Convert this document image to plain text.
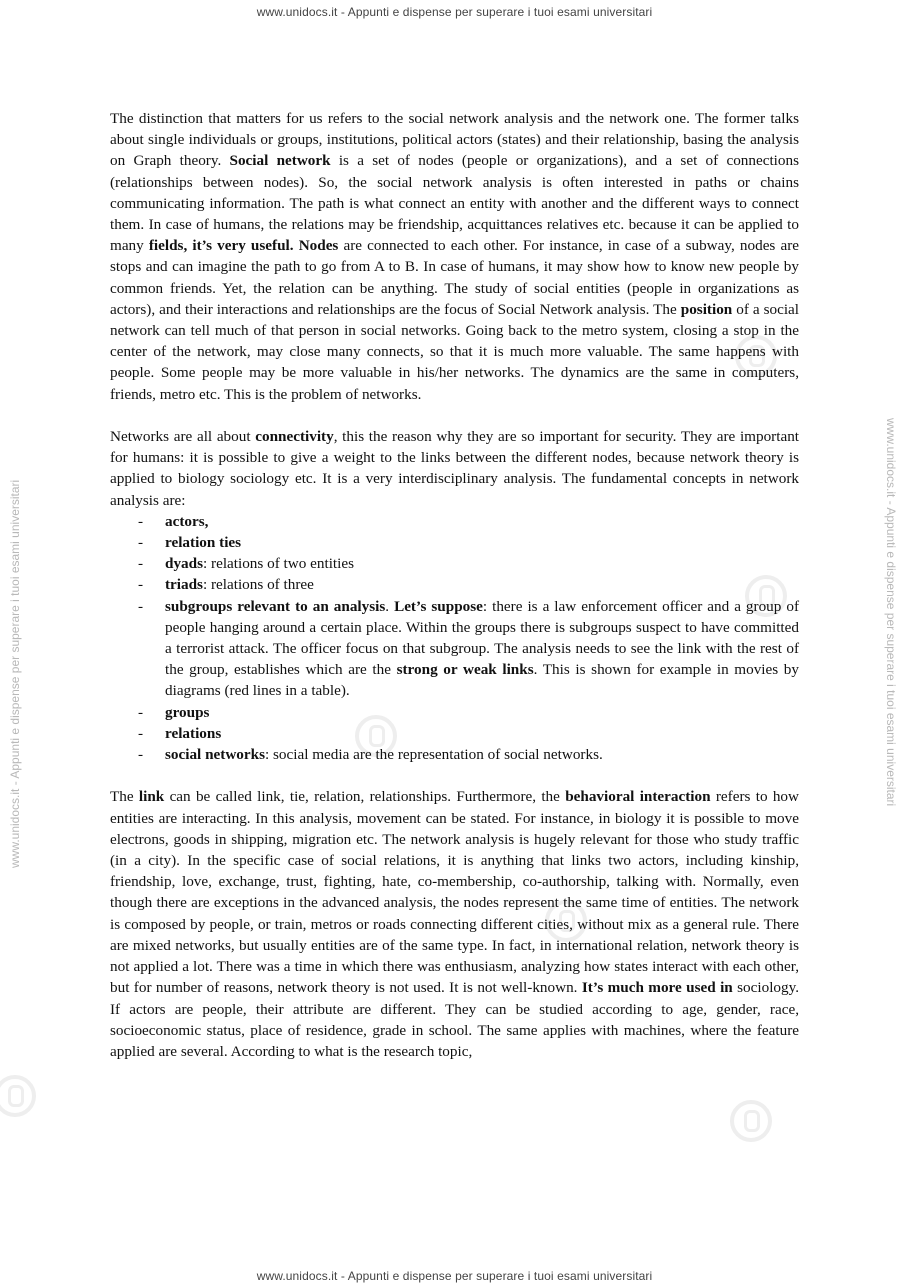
www.unidocs.it - Appunti e dispense per superare i tuoi esami universitari
www.unidocs.it - Appunti e dispense per superare i tuoi esami universitari
www.unidocs.it - Appunti e dispense per superare i tuoi esami universitari	www.unidocs.it - Appunti e dispense per superare i tuoi esami universitari

The distinction that matters for us refers to the social network analysis and the network one. The former talks about single individuals or groups, institutions, political actors (states) and their relationship, basing the analysis on Graph theory. Social network is a set of nodes (people or organizations), and a set of connections (relationships between nodes). So, the social network analysis is often interested in paths or chains communicating information. The path is what connect an entity with another and the different ways to connect them. In case of humans, the relations may be friendship, acquittances relatives etc. because it can be applied to many fields, it’s very useful. Nodes are connected to each other. For instance, in case of a subway, nodes are stops and can imagine the path to go from A to B. In case of humans, it may show how to know new people by common friends. Yet, the relation can be anything. The study of social entities (people in organizations as actors), and their interactions and relationships are the focus of Social Network analysis. The position of a social network can tell much of that person in social networks. Going back to the metro system, closing a stop in the center of the network, may close many connects, so that it is much more valuable. The same happens with people. Some people may be more valuable in his/her networks. The dynamics are the same in computers, friends, metro etc. This is the problem of networks.

Networks are all about connectivity, this the reason why they are so important for security. They are important for humans: it is possible to give a weight to the links between the different nodes, because network theory is applied to biology sociology etc. It is a very interdisciplinary analysis. The fundamental concepts in network analysis are:

- actors,
- relation ties
- dyads: relations of two entities
- triads: relations of three
- subgroups relevant to an analysis. Let’s suppose: there is a law enforcement officer and a group of people hanging around a certain place. Within the groups there is subgroups suspect to have committed a terrorist attack. The officer focus on that subgroup. The analysis needs to see the link with the rest of the group, establishes which are the strong or weak links. This is shown for example in movies by diagrams (red lines in a table).
- groups
- relations
- social networks: social media are the representation of social networks.

The link can be called link, tie, relation, relationships. Furthermore, the behavioral interaction refers to how entities are interacting. In this analysis, movement can be stated. For instance, in biology it is possible to move electrons, goods in shipping, migration etc. The network analysis is hugely relevant for those who study traffic (in a city). In the specific case of social relations, it is anything that links two actors, including kinship, friendship, love, exchange, trust, fighting, hate, co-membership, co-authorship, talking with. Normally, even though there are exceptions in the advanced analysis, the nodes represent the same time of entities. The network is composed by people, or train, metros or roads connecting different cities, without mix as a general rule. There are mixed networks, but usually entities are of the same type. In fact, in international relation, network theory is not applied a lot. There was a time in which there was enthusiasm, analyzing how states interact with each other, but for number of reasons, network theory is not used. It is not well-known. It’s much more used in sociology. If actors are people, their attribute are different. They can be studied according to age, gender, race, socioeconomic status, place of residence, grade in school. The same applies with machines, where the feature applied are several. According to what is the research topic,
